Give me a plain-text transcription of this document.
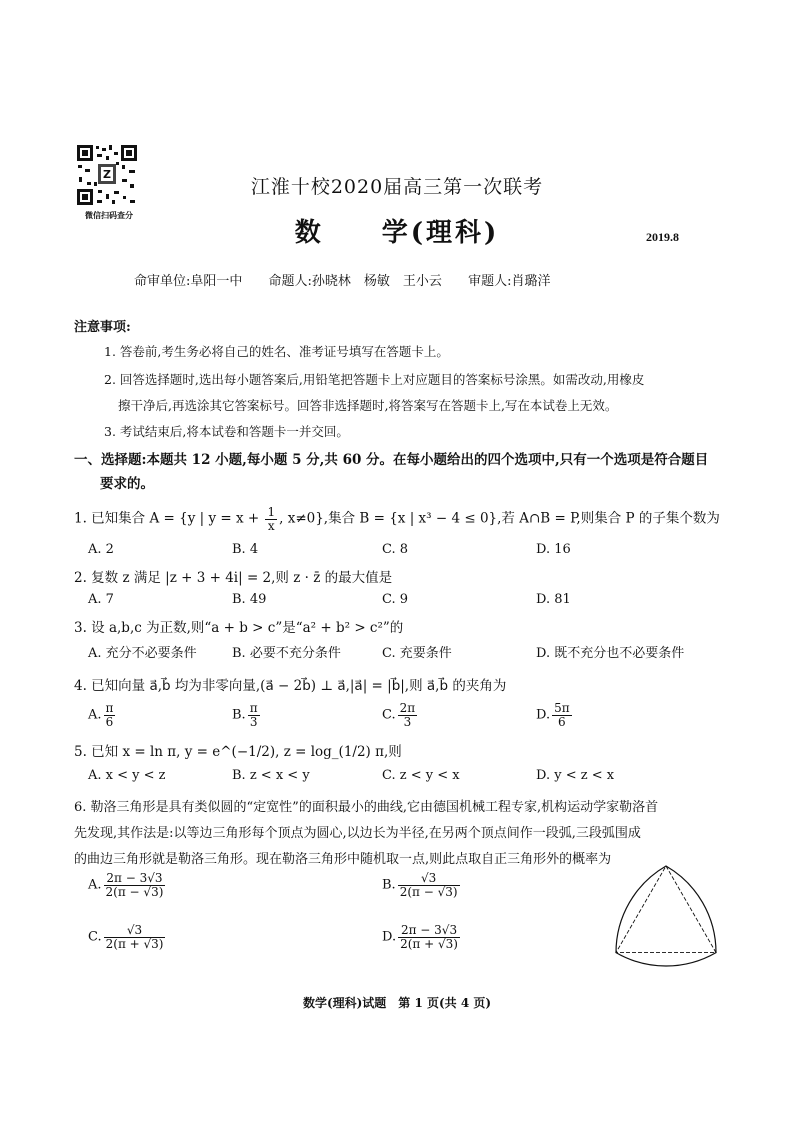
Z
微信扫码查分
江淮十校2020届高三第一次联考
数　　学(理科)	2019.8
命审单位:阜阳一中 命题人:孙晓林　杨敏　王小云 审题人:肖璐洋
注意事项:
1. 答卷前,考生务必将自己的姓名、准考证号填写在答题卡上。
2. 回答选择题时,选出每小题答案后,用铅笔把答题卡上对应题目的答案标号涂黑。如需改动,用橡皮
擦干净后,再选涂其它答案标号。回答非选择题时,将答案写在答题卡上,写在本试卷上无效。
3. 考试结束后,将本试卷和答题卡一并交回。
一、选择题:本题共 12 小题,每小题 5 分,共 60 分。在每小题给出的四个选项中,只有一个选项是符合题目
要求的。
1. 已知集合 A = {y | $y = x + \frac{1}{x}$ , x≠0},集合 B = {x | x³ − 4 ≤ 0},若 A∩B = P,则集合 P 的子集个数为
A. 2	B. 4	C. 8	D. 16
2. 复数 z 满足 |z + 3 + 4i| = 2,则 z · z̄ 的最大值是
A. 7	B. 49	C. 9	D. 81
3. 设 a,b,c 为正数,则“a + b > c”是“a² + b² > c²”的
A. 充分不必要条件	B. 必要不充分条件	C. 充要条件	D. 既不充分也不必要条件
4. 已知向量 a⃗,b⃗ 均为非零向量,(a⃗ − 2b⃗) ⊥ a⃗,|a⃗| = |b⃗|,则 a⃗,b⃗ 的夹角为
A. $\frac{\pi}{6}$	B. $\frac{\pi}{3}$	C. $\frac{2\pi}{3}$	D. $\frac{5\pi}{6}$
5. 已知 x = ln π, y = e^(−1/2), z = log_(1/2) π,则
A. x < y < z	B. z < x < y	C. z < y < x	D. y < z < x
6. 勒洛三角形是具有类似圆的“定宽性”的面积最小的曲线,它由德国机械工程专家,机构运动学家勒洛首
先发现,其作法是:以等边三角形每个顶点为圆心,以边长为半径,在另两个顶点间作一段弧,三段弧围成
的曲边三角形就是勒洛三角形。现在勒洛三角形中随机取一点,则此点取自正三角形外的概率为
A. $\frac{2\pi - 3√3}{2(\pi - √3)}$	B. $\frac{√3}{2(\pi - √3)}$
C. $\frac{√3}{2(\pi + √3)}$	D. $\frac{2\pi - 3√3}{2(\pi + √3)}$
数学(理科)试题　第 1 页(共 4 页)
